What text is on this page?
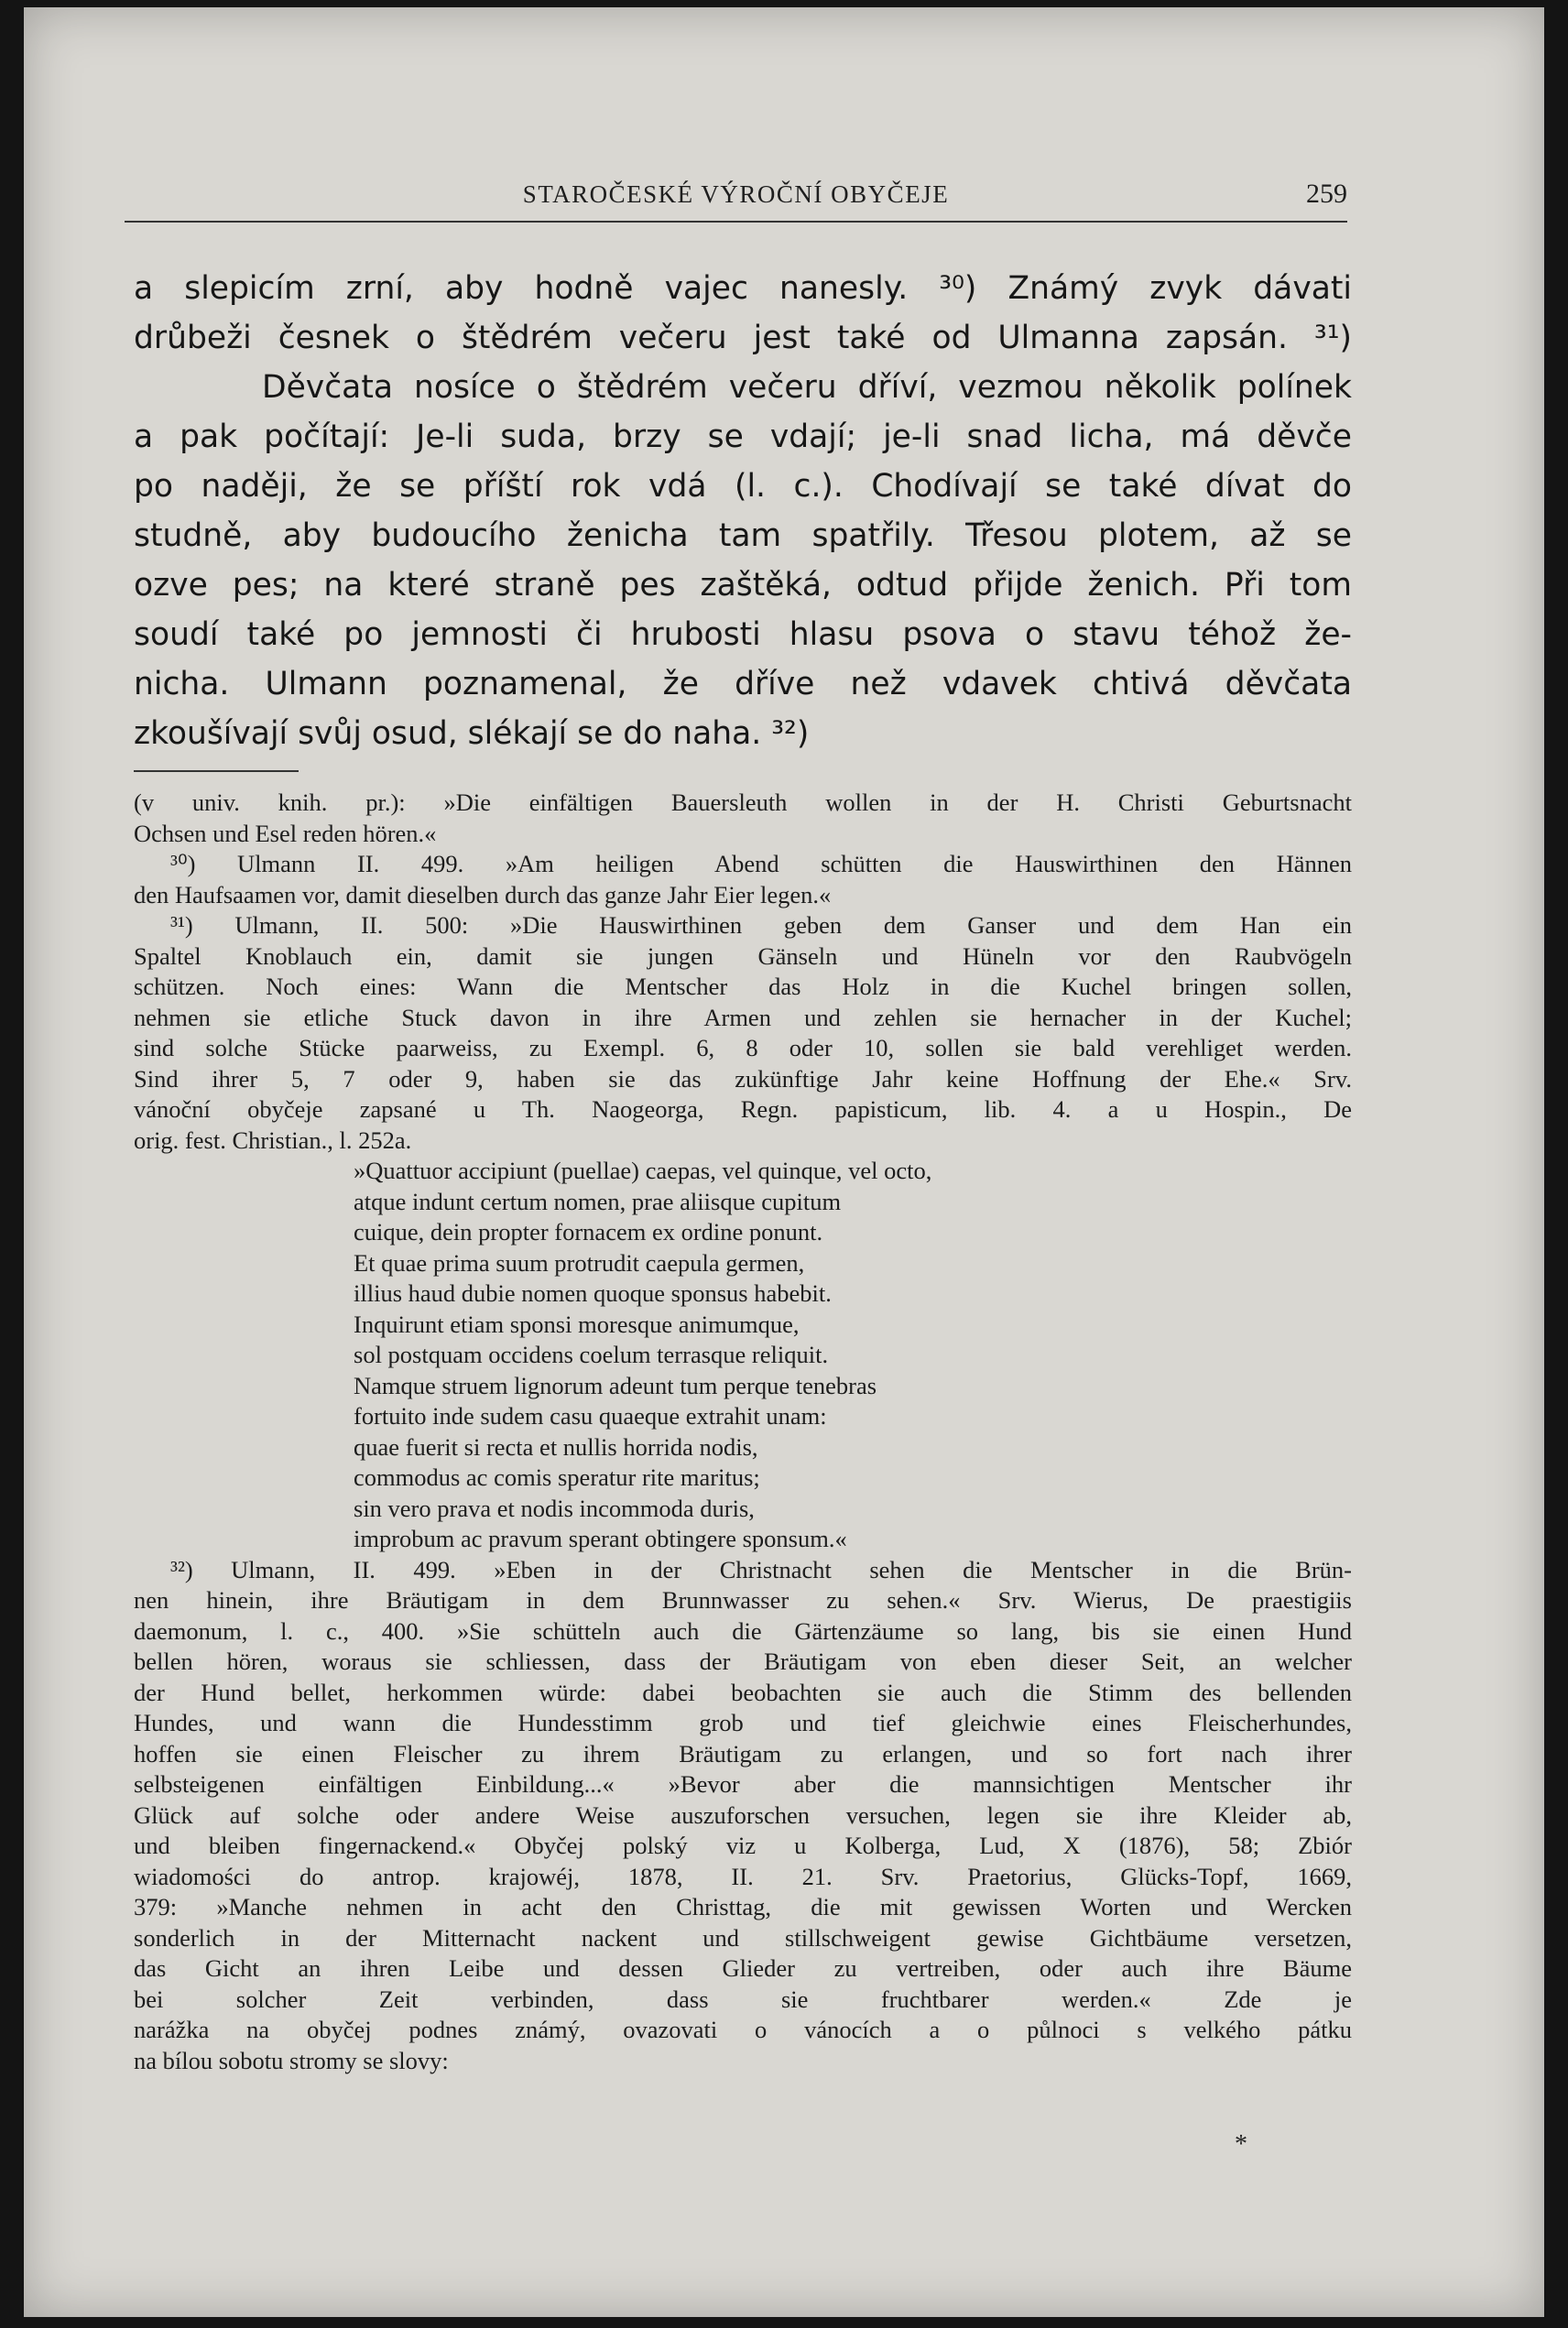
STAROČESKÉ VÝROČNÍ OBYČEJE	259
a slepicím zrní, aby hodně vajec nanesly. ³⁰) Známý zvyk dávati
drůbeži česnek o štědrém večeru jest také od Ulmanna zapsán. ³¹)
Děvčata nosíce o štědrém večeru dříví, vezmou několik polínek
a pak počítají: Je-li suda, brzy se vdají; je-li snad licha, má děvče
po naději, že se příští rok vdá (l. c.). Chodívají se také dívat do
studně, aby budoucího ženicha tam spatřily. Třesou plotem, až se
ozve pes; na které straně pes zaštěká, odtud přijde ženich. Při tom
soudí také po jemnosti či hrubosti hlasu psova o stavu téhož že-
nicha. Ulmann poznamenal, že dříve než vdavek chtivá děvčata
zkoušívají svůj osud, slékají se do naha. ³²)
(v univ. knih. pr.): »Die einfältigen Bauersleuth wollen in der H. Christi Geburtsnacht
Ochsen und Esel reden hören.«
³⁰) Ulmann II. 499. »Am heiligen Abend schütten die Hauswirthinen den Hännen
den Haufsaamen vor, damit dieselben durch das ganze Jahr Eier legen.«
³¹) Ulmann, II. 500: »Die Hauswirthinen geben dem Ganser und dem Han ein
Spaltel Knoblauch ein, damit sie jungen Gänseln und Hüneln vor den Raubvögeln
schützen. Noch eines: Wann die Mentscher das Holz in die Kuchel bringen sollen,
nehmen sie etliche Stuck davon in ihre Armen und zehlen sie hernacher in der Kuchel;
sind solche Stücke paarweiss, zu Exempl. 6, 8 oder 10, sollen sie bald verehliget werden.
Sind ihrer 5, 7 oder 9, haben sie das zukünftige Jahr keine Hoffnung der Ehe.« Srv.
vánoční obyčeje zapsané u Th. Naogeorga, Regn. papisticum, lib. 4. a u Hospin., De
orig. fest. Christian., l. 252a.
»Quattuor accipiunt (puellae) caepas, vel quinque, vel octo,
atque indunt certum nomen, prae aliisque cupitum
cuique, dein propter fornacem ex ordine ponunt.
Et quae prima suum protrudit caepula germen,
illius haud dubie nomen quoque sponsus habebit.
Inquirunt etiam sponsi moresque animumque,
sol postquam occidens coelum terrasque reliquit.
Namque struem lignorum adeunt tum perque tenebras
fortuito inde sudem casu quaeque extrahit unam:
quae fuerit si recta et nullis horrida nodis,
commodus ac comis speratur rite maritus;
sin vero prava et nodis incommoda duris,
improbum ac pravum sperant obtingere sponsum.«
³²) Ulmann, II. 499. »Eben in der Christnacht sehen die Mentscher in die Brün-
nen hinein, ihre Bräutigam in dem Brunnwasser zu sehen.« Srv. Wierus, De praestigiis
daemonum, l. c., 400. »Sie schütteln auch die Gärtenzäume so lang, bis sie einen Hund
bellen hören, woraus sie schliessen, dass der Bräutigam von eben dieser Seit, an welcher
der Hund bellet, herkommen würde: dabei beobachten sie auch die Stimm des bellenden
Hundes, und wann die Hundesstimm grob und tief gleichwie eines Fleischerhundes,
hoffen sie einen Fleischer zu ihrem Bräutigam zu erlangen, und so fort nach ihrer
selbsteigenen einfältigen Einbildung...« »Bevor aber die mannsichtigen Mentscher ihr
Glück auf solche oder andere Weise auszuforschen versuchen, legen sie ihre Kleider ab,
und bleiben fingernackend.« Obyčej polský viz u Kolberga, Lud, X (1876), 58; Zbiór
wiadomości do antrop. krajowéj, 1878, II. 21. Srv. Praetorius, Glücks-Topf, 1669,
379: »Manche nehmen in acht den Christtag, die mit gewissen Worten und Wercken
sonderlich in der Mitternacht nackent und stillschweigent gewise Gichtbäume versetzen,
das Gicht an ihren Leibe und dessen Glieder zu vertreiben, oder auch ihre Bäume
bei solcher Zeit verbinden, dass sie fruchtbarer werden.« Zde je
narážka na obyčej podnes známý, ovazovati o vánocích a o půlnoci s velkého pátku
na bílou sobotu stromy se slovy:
*
